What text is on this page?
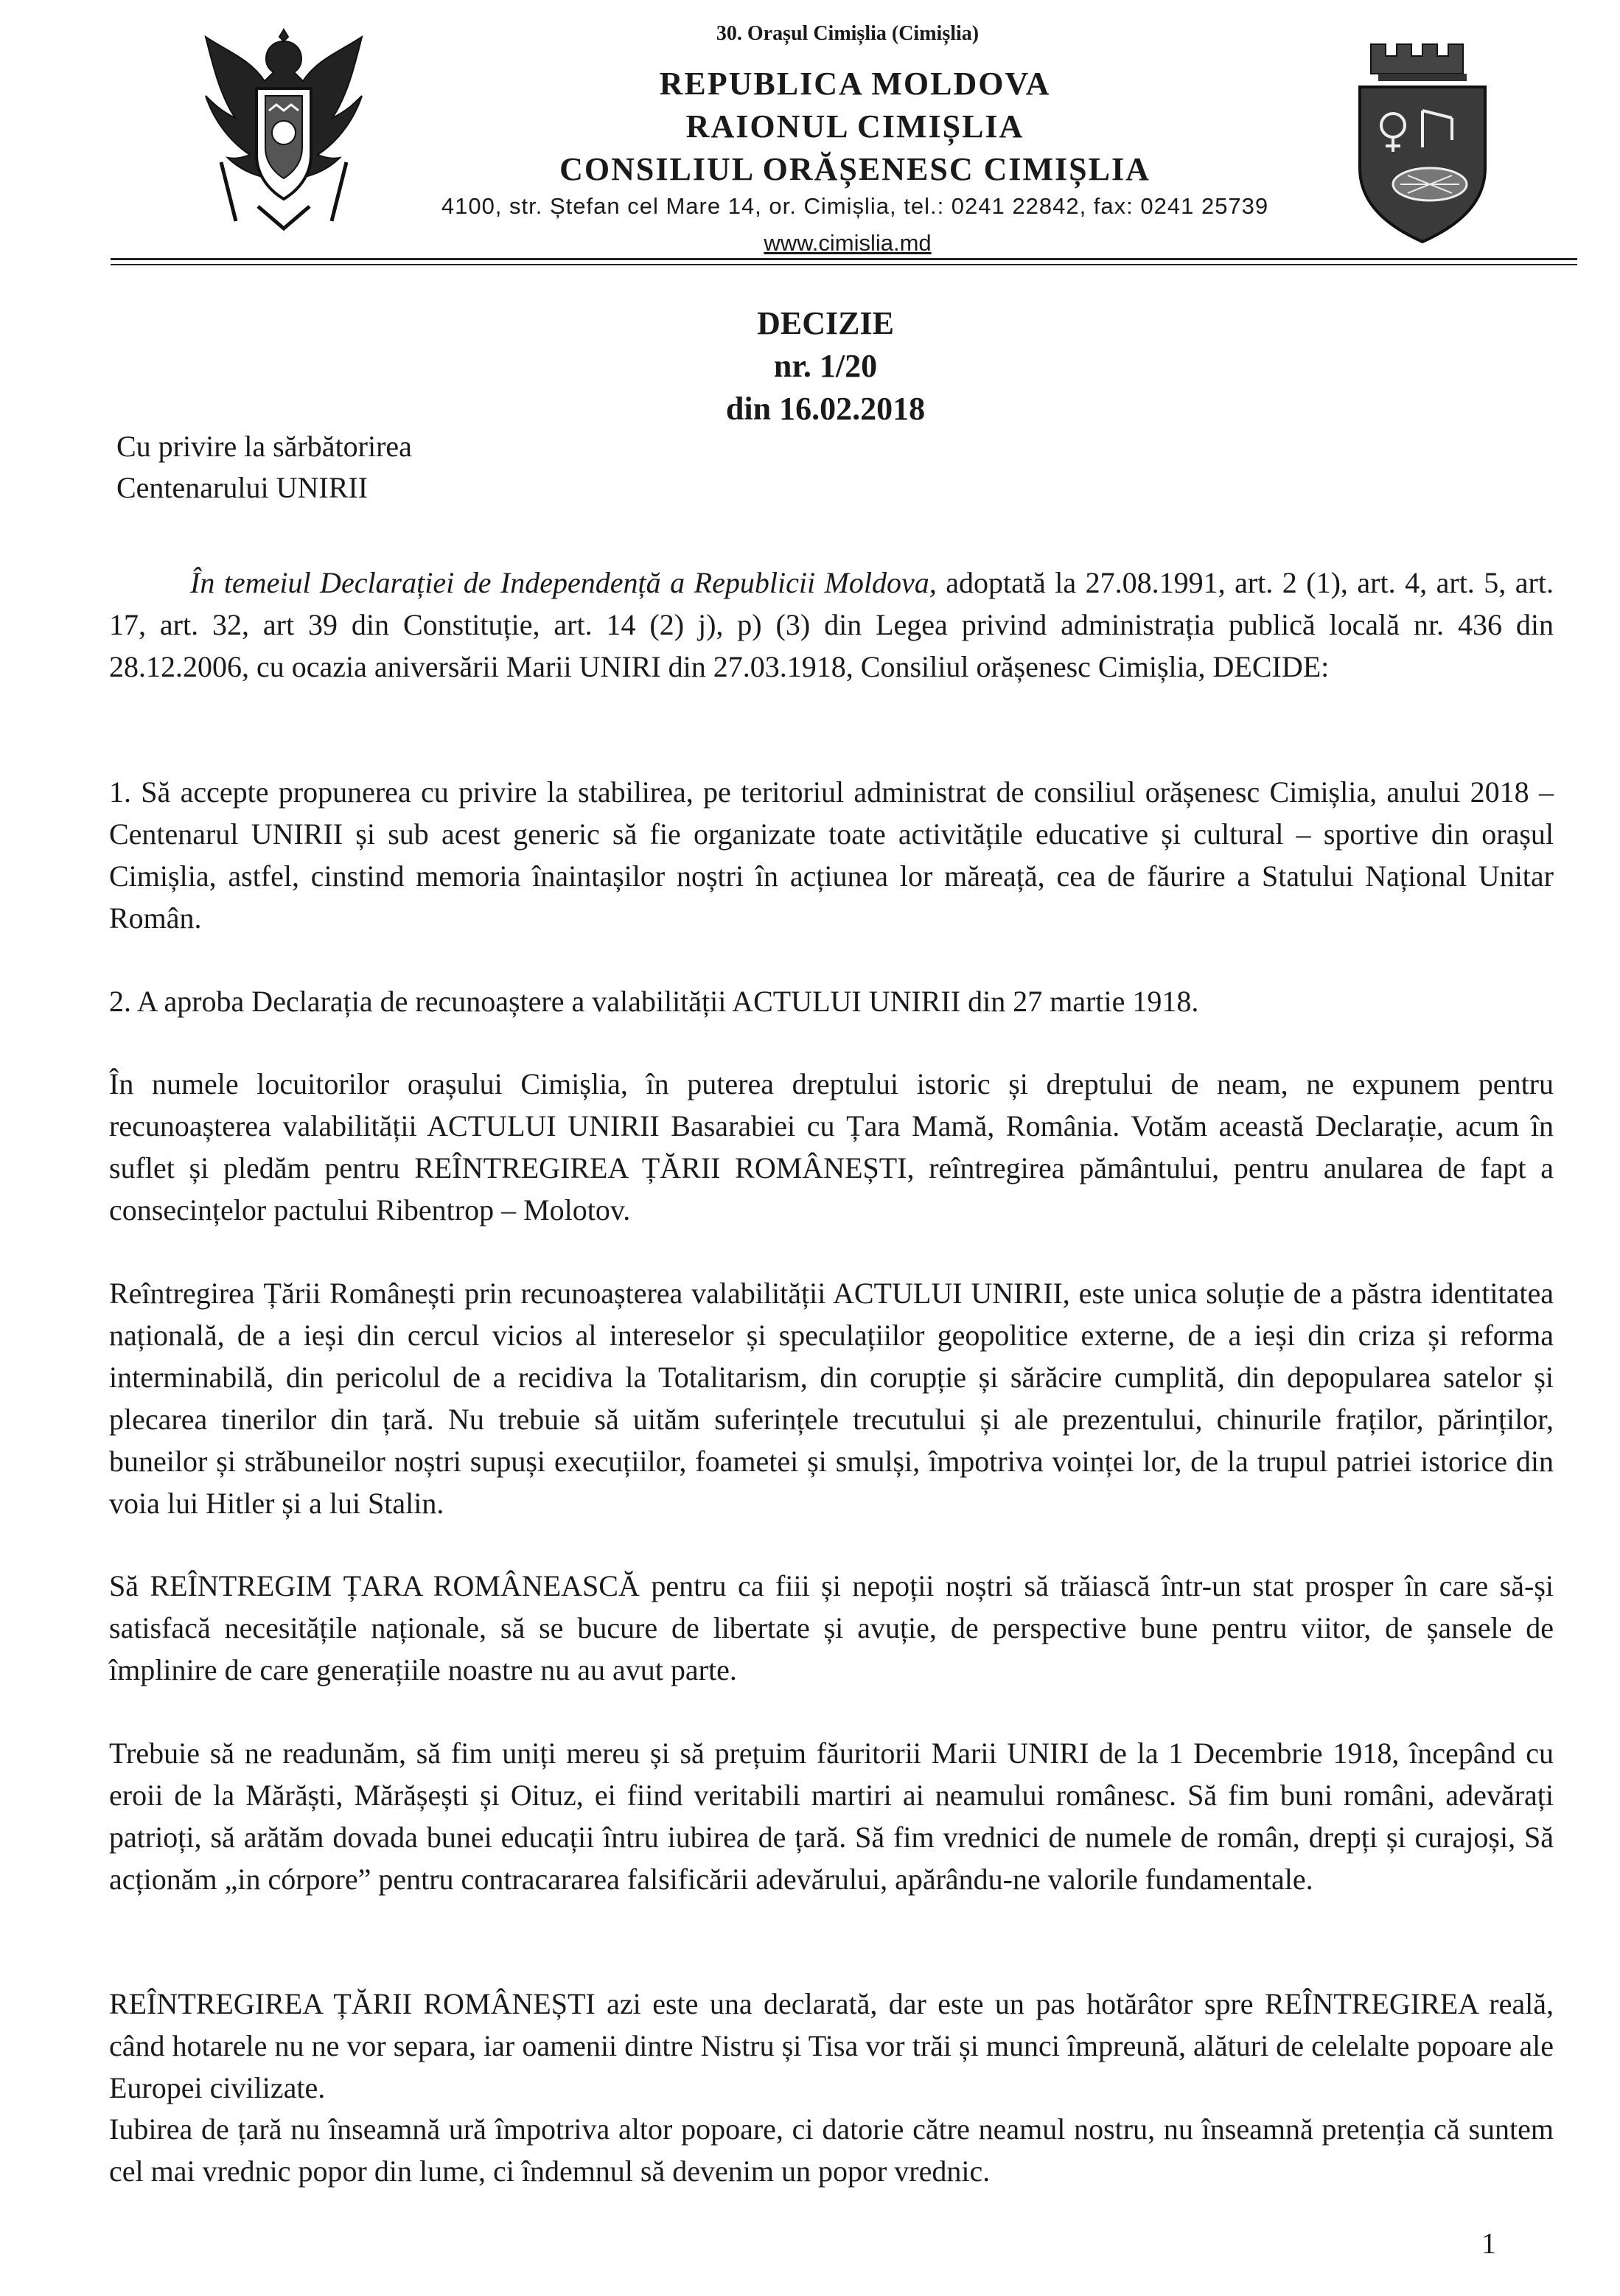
30. Orașul Cimișlia (Cimișlia)
REPUBLICA MOLDOVA
RAIONUL CIMIȘLIA
CONSILIUL ORĂȘENESC CIMIȘLIA
4100, str. Ștefan cel Mare 14, or. Cimișlia, tel.: 0241 22842, fax: 0241 25739
www.cimislia.md
DECIZIE
nr. 1/20
din 16.02.2018
Cu privire la sărbătorirea
Centenarului UNIRII
În temeiul Declarației de Independență a Republicii Moldova, adoptată la 27.08.1991, art. 2 (1), art. 4, art. 5, art. 17, art. 32, art 39 din Constituție, art. 14 (2) j), p) (3) din Legea privind administrația publică locală nr. 436 din 28.12.2006, cu ocazia aniversării Marii UNIRI din 27.03.1918, Consiliul orășenesc Cimișlia, DECIDE:
1. Să accepte propunerea cu privire la stabilirea, pe teritoriul administrat de consiliul orășenesc Cimișlia, anului 2018 – Centenarul UNIRII și sub acest generic să fie organizate toate activitățile educative și cultural – sportive din orașul Cimișlia, astfel, cinstind memoria înaintașilor noștri în acțiunea lor măreață, cea de făurire a Statului Național Unitar Român.
2. A aproba Declarația de recunoaștere a valabilității ACTULUI UNIRII din 27 martie 1918.
În numele locuitorilor orașului Cimișlia, în puterea dreptului istoric și dreptului de neam, ne expunem pentru recunoașterea valabilității ACTULUI UNIRII Basarabiei cu Țara Mamă, România. Votăm această Declarație, acum în suflet și pledăm pentru REÎNTREGIREA ȚĂRII ROMÂNEȘTI, reîntregirea pământului, pentru anularea de fapt a consecințelor pactului Ribentrop – Molotov.
Reîntregirea Țării Românești prin recunoașterea valabilității ACTULUI UNIRII, este unica soluție de a păstra identitatea națională, de a ieși din cercul vicios al intereselor și speculațiilor geopolitice externe, de a ieși din criza și reforma interminabilă, din pericolul de a recidiva la Totalitarism, din corupție și sărăcire cumplită, din depopularea satelor și plecarea tinerilor din țară. Nu trebuie să uităm suferințele trecutului și ale prezentului, chinurile fraților, părinților, buneilor și străbuneilor noștri supuși execuțiilor, foametei și smulși, împotriva voinței lor, de la trupul patriei istorice din voia lui Hitler și a lui Stalin.
Să REÎNTREGIM ȚARA ROMÂNEASCĂ pentru ca fiii și nepoții noștri să trăiască într-un stat prosper în care să-și satisfacă necesitățile naționale, să se bucure de libertate și avuție, de perspective bune pentru viitor, de șansele de împlinire de care generațiile noastre nu au avut parte.
Trebuie să ne readunăm, să fim uniți mereu și să prețuim făuritorii Marii UNIRI de la 1 Decembrie 1918, începând cu eroii de la Mărăști, Mărășești și Oituz, ei fiind veritabili martiri ai neamului românesc. Să fim buni români, adevărați patrioți, să arătăm dovada bunei educații întru iubirea de țară. Să fim vrednici de numele de român, drepți și curajoși, Să acționăm „in córpore” pentru contracararea falsificării adevărului, apărându-ne valorile fundamentale.
REÎNTREGIREA ȚĂRII ROMÂNEȘTI azi este una declarată, dar este un pas hotărâtor spre REÎNTREGIREA reală, când hotarele nu ne vor separa, iar oamenii dintre Nistru și Tisa vor trăi și munci împreună, alături de celelalte popoare ale Europei civilizate.
Iubirea de țară nu înseamnă ură împotriva altor popoare, ci datorie către neamul nostru, nu înseamnă pretenția că suntem cel mai vrednic popor din lume, ci îndemnul să devenim un popor vrednic.
1
